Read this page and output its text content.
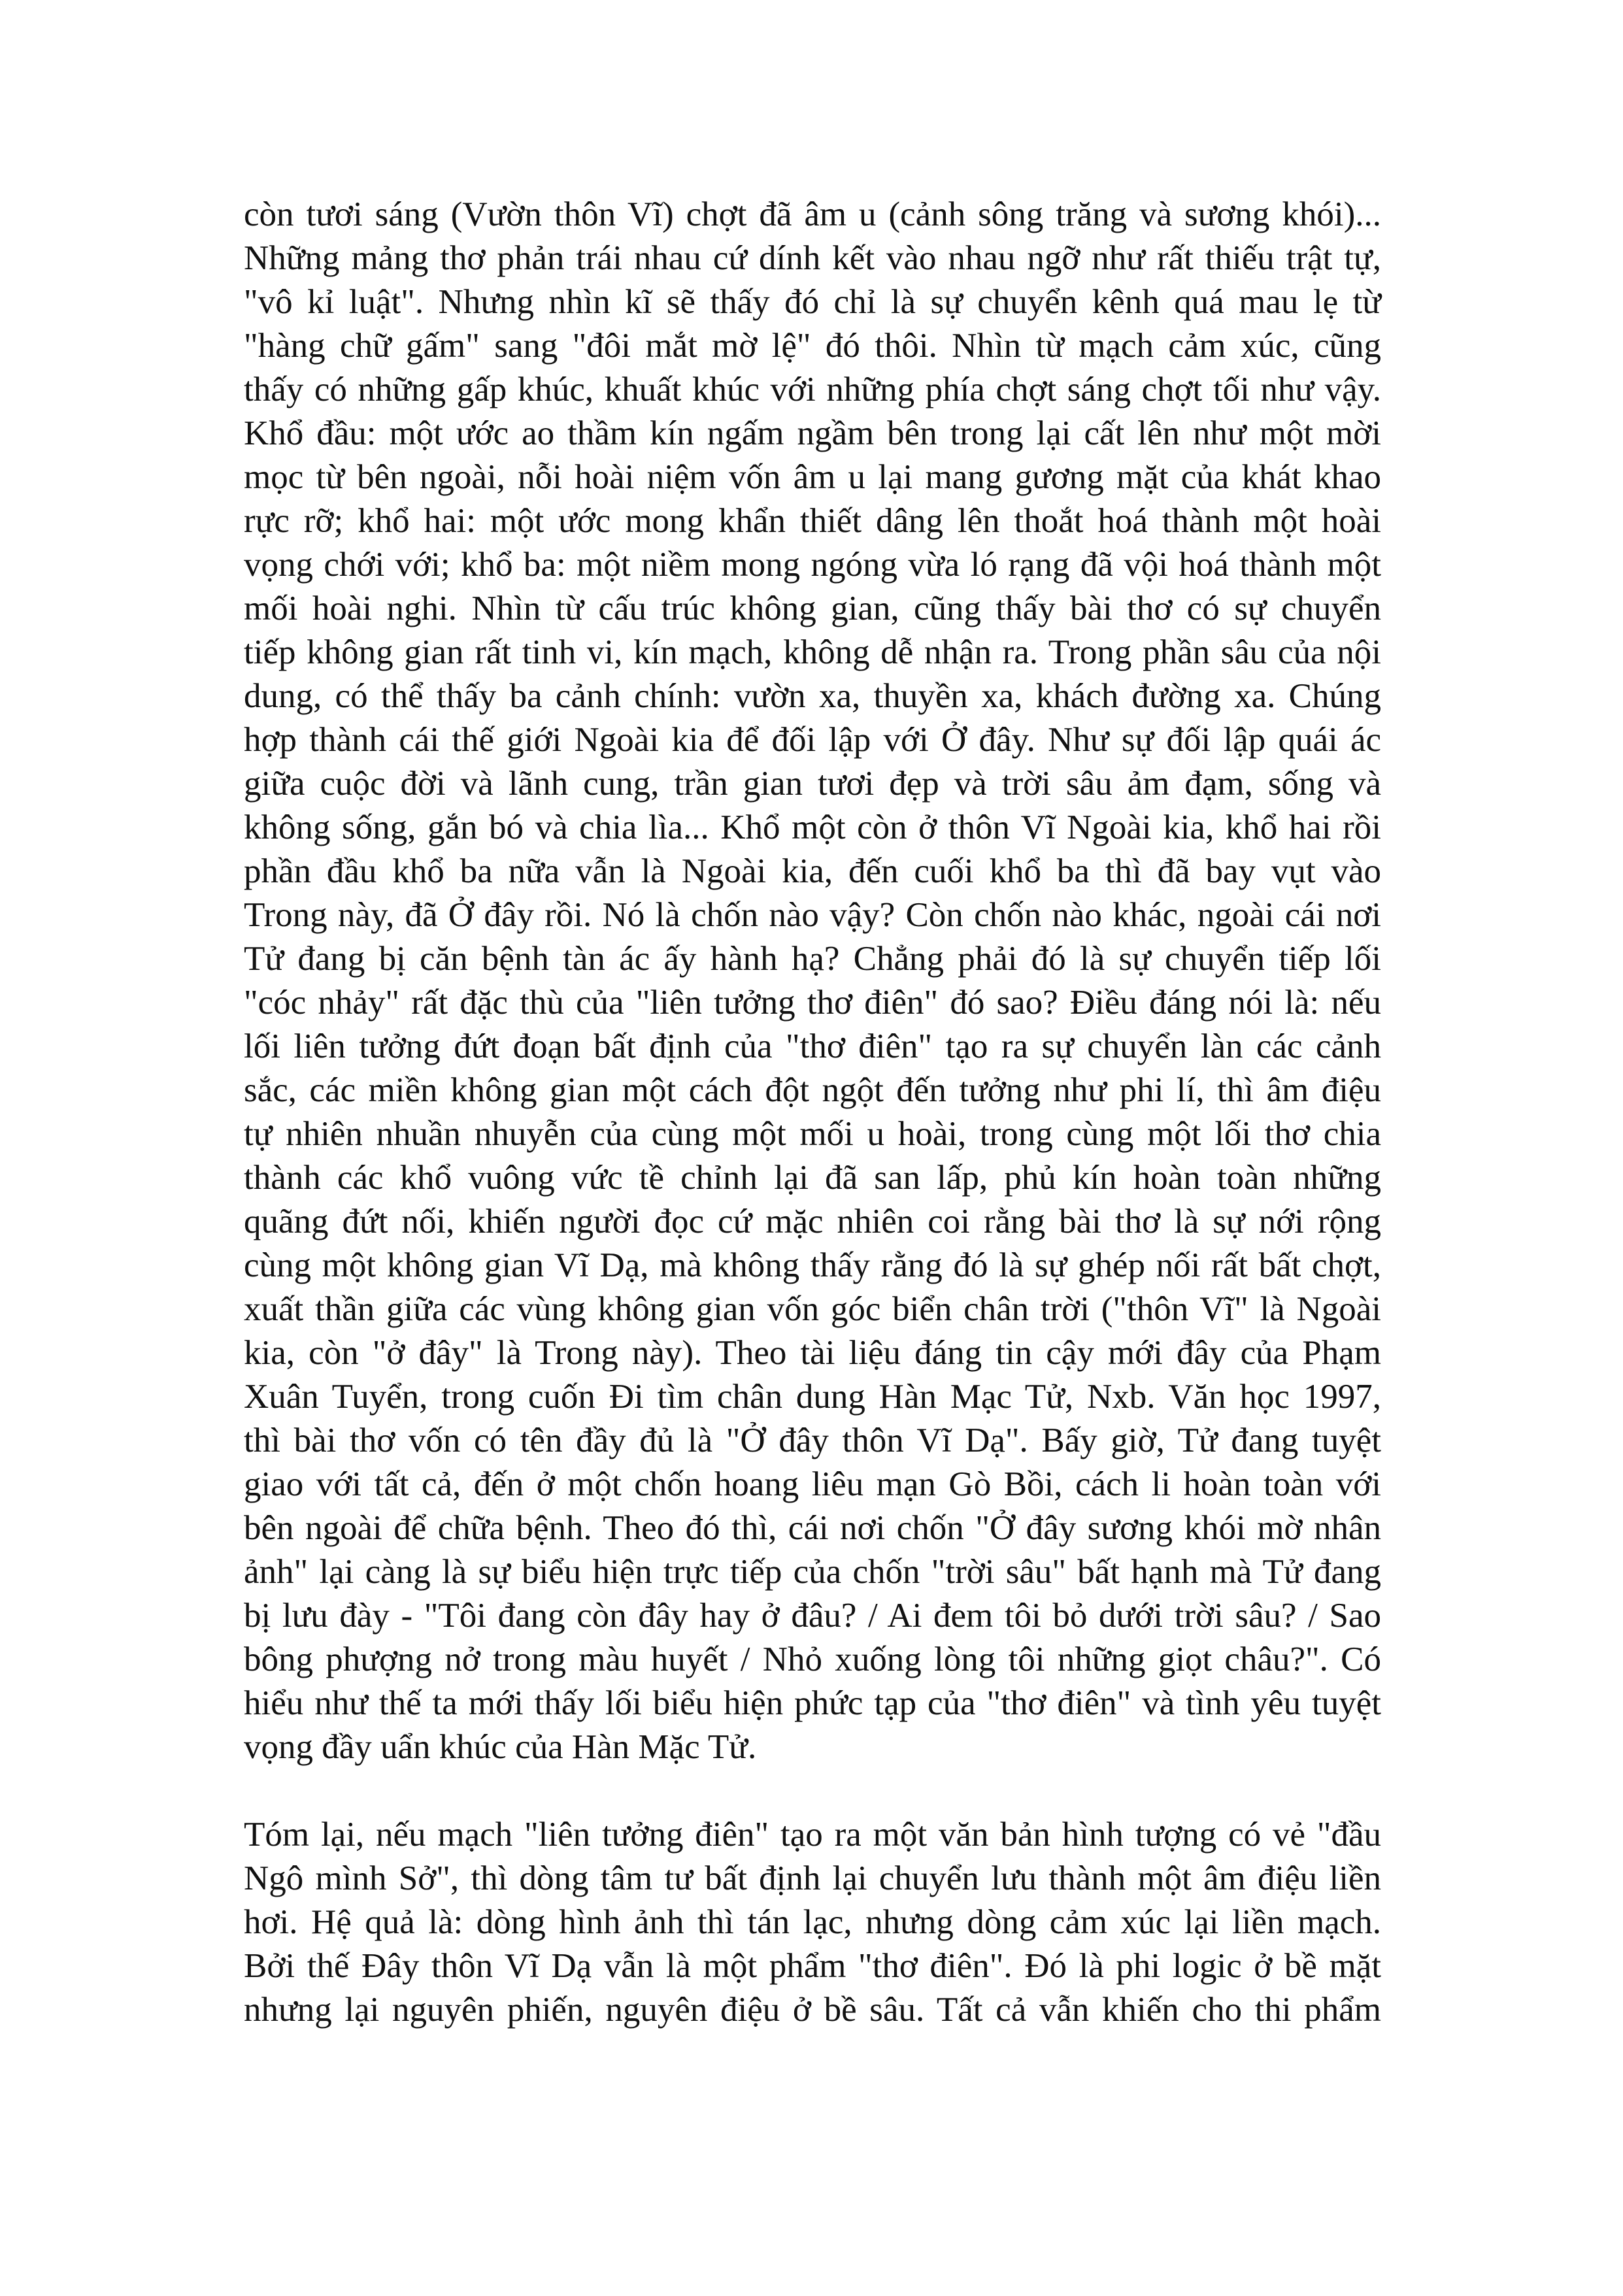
còn tươi sáng (Vườn thôn Vĩ) chợt đã âm u (cảnh sông trăng và sương khói)...
Những mảng thơ phản trái nhau cứ dính kết vào nhau ngỡ như rất thiếu trật tự,
"vô kỉ luật". Nhưng nhìn kĩ sẽ thấy đó chỉ là sự chuyển kênh quá mau lẹ từ
"hàng chữ gấm" sang "đôi mắt mờ lệ" đó thôi. Nhìn từ mạch cảm xúc, cũng
thấy có những gấp khúc, khuất khúc với những phía chợt sáng chợt tối như vậy.
Khổ đầu: một ước ao thầm kín ngấm ngầm bên trong lại cất lên như một mời
mọc từ bên ngoài, nỗi hoài niệm vốn âm u lại mang gương mặt của khát khao
rực rỡ; khổ hai: một ước mong khẩn thiết dâng lên thoắt hoá thành một hoài
vọng chới với; khổ ba: một niềm mong ngóng vừa ló rạng đã vội hoá thành một
mối hoài nghi. Nhìn từ cấu trúc không gian, cũng thấy bài thơ có sự chuyển
tiếp không gian rất tinh vi, kín mạch, không dễ nhận ra. Trong phần sâu của nội
dung, có thể thấy ba cảnh chính: vườn xa, thuyền xa, khách đường xa. Chúng
hợp thành cái thế giới Ngoài kia để đối lập với Ở đây. Như sự đối lập quái ác
giữa cuộc đời và lãnh cung, trần gian tươi đẹp và trời sâu ảm đạm, sống và
không sống, gắn bó và chia lìa... Khổ một còn ở thôn Vĩ Ngoài kia, khổ hai rồi
phần đầu khổ ba nữa vẫn là Ngoài kia, đến cuối khổ ba thì đã bay vụt vào
Trong này, đã Ở đây rồi. Nó là chốn nào vậy? Còn chốn nào khác, ngoài cái nơi
Tử đang bị căn bệnh tàn ác ấy hành hạ? Chẳng phải đó là sự chuyển tiếp lối
"cóc nhảy" rất đặc thù của "liên tưởng thơ điên" đó sao? Điều đáng nói là: nếu
lối liên tưởng đứt đoạn bất định của "thơ điên" tạo ra sự chuyển làn các cảnh
sắc, các miền không gian một cách đột ngột đến tưởng như phi lí, thì âm điệu
tự nhiên nhuần nhuyễn của cùng một mối u hoài, trong cùng một lối thơ chia
thành các khổ vuông vức tề chỉnh lại đã san lấp, phủ kín hoàn toàn những
quãng đứt nối, khiến người đọc cứ mặc nhiên coi rằng bài thơ là sự nới rộng
cùng một không gian Vĩ Dạ, mà không thấy rằng đó là sự ghép nối rất bất chợt,
xuất thần giữa các vùng không gian vốn góc biển chân trời ("thôn Vĩ" là Ngoài
kia, còn "ở đây" là Trong này). Theo tài liệu đáng tin cậy mới đây của Phạm
Xuân Tuyển, trong cuốn Đi tìm chân dung Hàn Mạc Tử, Nxb. Văn học 1997,
thì bài thơ vốn có tên đầy đủ là "Ở đây thôn Vĩ Dạ". Bấy giờ, Tử đang tuyệt
giao với tất cả, đến ở một chốn hoang liêu mạn Gò Bồi, cách li hoàn toàn với
bên ngoài để chữa bệnh. Theo đó thì, cái nơi chốn "Ở đây sương khói mờ nhân
ảnh" lại càng là sự biểu hiện trực tiếp của chốn "trời sâu" bất hạnh mà Tử đang
bị lưu đày - "Tôi đang còn đây hay ở đâu? / Ai đem tôi bỏ dưới trời sâu? / Sao
bông phượng nở trong màu huyết / Nhỏ xuống lòng tôi những giọt châu?". Có
hiểu như thế ta mới thấy lối biểu hiện phức tạp của "thơ điên" và tình yêu tuyệt
vọng đầy uẩn khúc của Hàn Mặc Tử.
Tóm lại, nếu mạch "liên tưởng điên" tạo ra một văn bản hình tượng có vẻ "đầu
Ngô mình Sở", thì dòng tâm tư bất định lại chuyển lưu thành một âm điệu liền
hơi. Hệ quả là: dòng hình ảnh thì tán lạc, nhưng dòng cảm xúc lại liền mạch.
Bởi thế Đây thôn Vĩ Dạ vẫn là một phẩm "thơ điên". Đó là phi logic ở bề mặt
nhưng lại nguyên phiến, nguyên điệu ở bề sâu. Tất cả vẫn khiến cho thi phẩm
